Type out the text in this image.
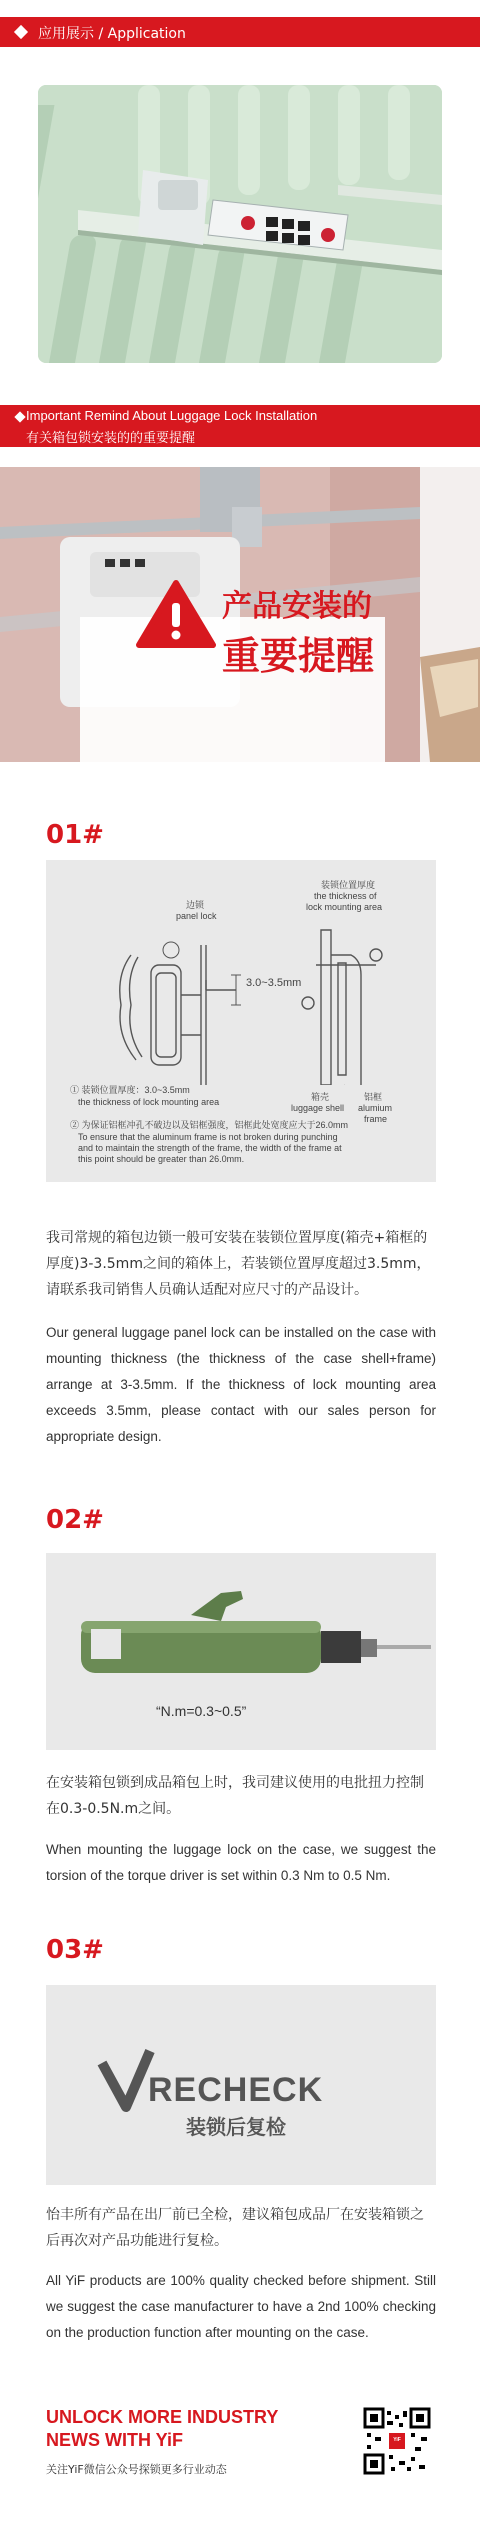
应用展示 / Application
Important Remind About Luggage Lock Installation
有关箱包锁安装的的重要提醒
产品安装的
重要提醒
01#
边锁
panel lock
3.0~3.5mm
装锁位置厚度
the thickness of
lock mounting area
箱壳
luggage shell
铝框
alumium
frame
① 装锁位置厚度：3.0~3.5mm
the thickness of lock mounting area
② 为保证铝框冲孔不破边以及铝框强度，铝框此处宽度应大于26.0mm
To ensure that the aluminum frame is not broken during punching
and to maintain the strength of the frame, the width of the frame at
this point should be greater than 26.0mm.

我司常规的箱包边锁一般可安装在装锁位置厚度(箱壳+箱框的厚度)3-3.5mm之间的箱体上，若装锁位置厚度超过3.5mm，请联系我司销售人员确认适配对应尺寸的产品设计。

Our general luggage panel lock can be installed on the case with mounting thickness (the thickness of the case shell+frame) arrange at 3-3.5mm. If the thickness of lock mounting area exceeds 3.5mm, please contact with our sales person for appropriate design.

02#
“N.m=0.3~0.5”

在安装箱包锁到成品箱包上时，我司建议使用的电批扭力控制在0.3-0.5N.m之间。

When mounting the luggage lock on the case, we suggest the torsion of the torque driver is set within 0.3 Nm to 0.5 Nm.

03#
RECHECK
装锁后复检

怡丰所有产品在出厂前已全检，建议箱包成品厂在安装箱锁之后再次对产品功能进行复检。

All YiF products are 100% quality checked before shipment. Still we suggest the case manufacturer to have a 2nd 100% checking on the production function after mounting on the case.

UNLOCK MORE INDUSTRY
NEWS WITH YiF
关注YiF微信公众号探锁更多行业动态
YiF
